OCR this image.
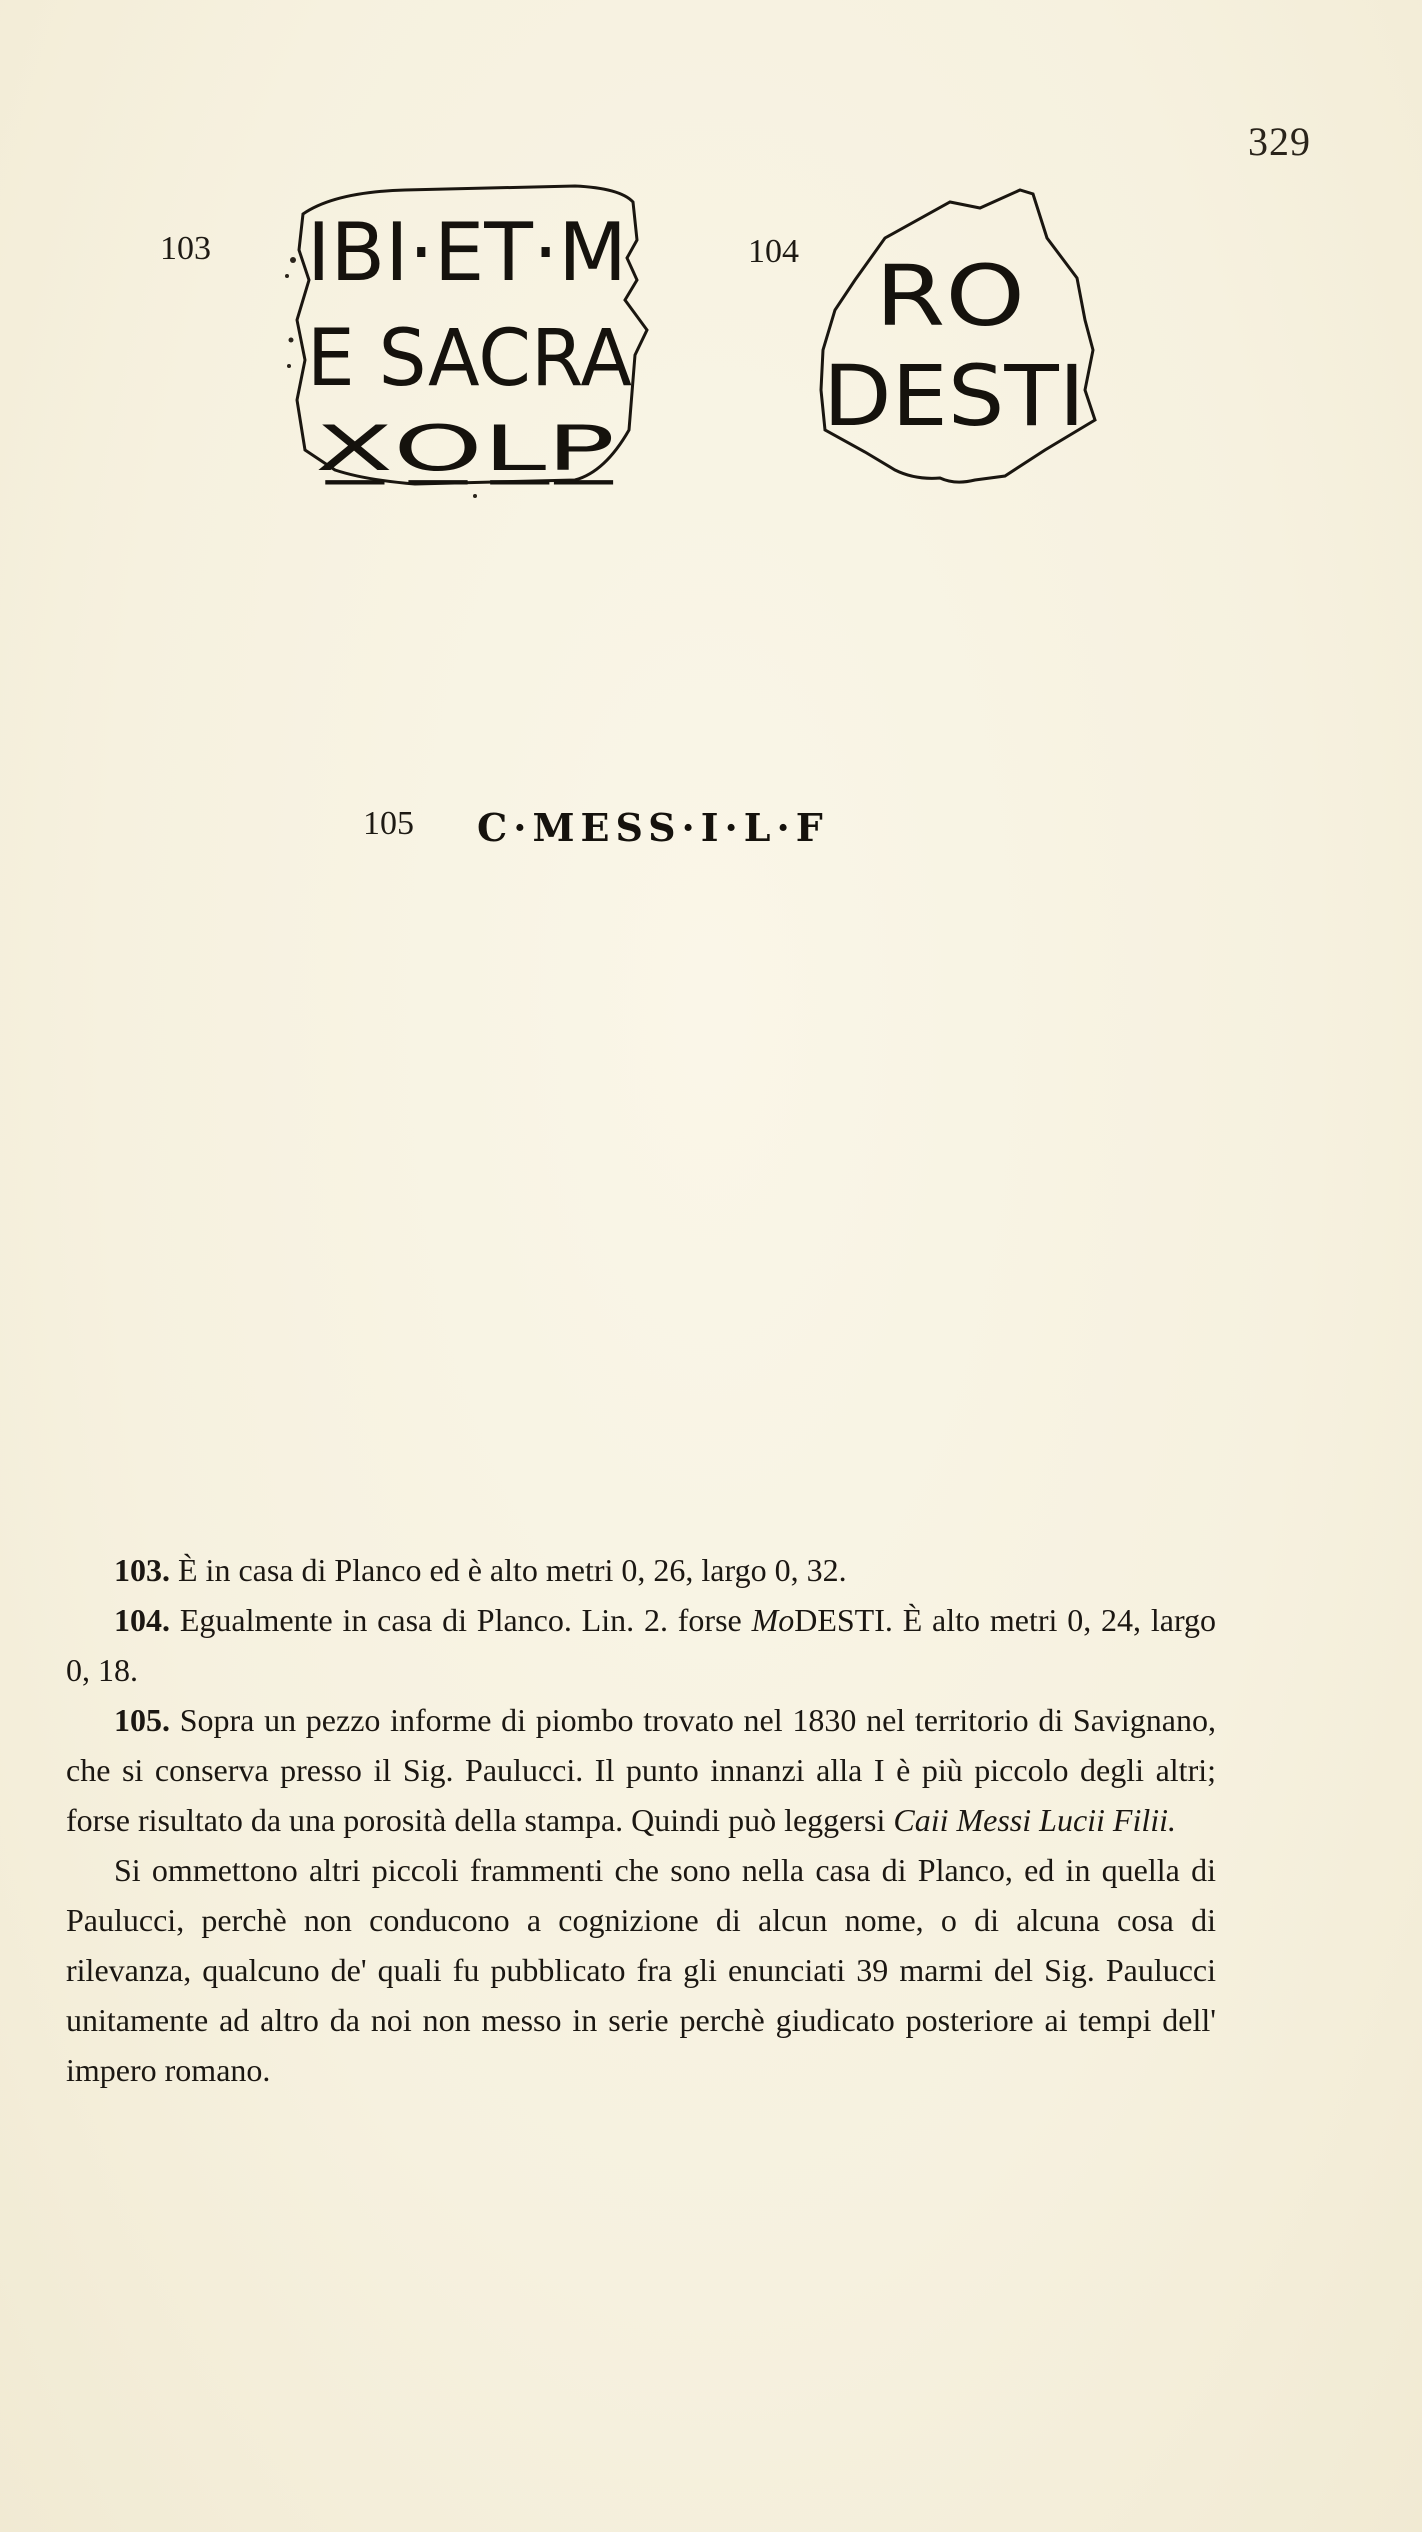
329
103 IBI·ET·M
E SACRA
X̲O̲L̲P̲
104 RO
DESTI
105 C·MESS·I·L·F

103. È in casa di Planco ed è alto metri 0, 26, largo 0, 32.

104. Egualmente in casa di Planco. Lin. 2. forse MoDESTI. È alto metri 0, 24, largo 0, 18.

105. Sopra un pezzo informe di piombo trovato nel 1830 nel territorio di Savignano, che si conserva presso il Sig. Paulucci. Il punto innanzi alla I è più piccolo degli altri; forse risultato da una porosità della stampa. Quindi può leggersi Caii Messi Lucii Filii.

Si ommettono altri piccoli frammenti che sono nella casa di Planco, ed in quella di Paulucci, perchè non conducono a cognizione di alcun nome, o di alcuna cosa di rilevanza, qualcuno de' quali fu pubblicato fra gli enunciati 39 marmi del Sig. Paulucci unitamente ad altro da noi non messo in serie perchè giudicato posteriore ai tempi dell' impero romano.
